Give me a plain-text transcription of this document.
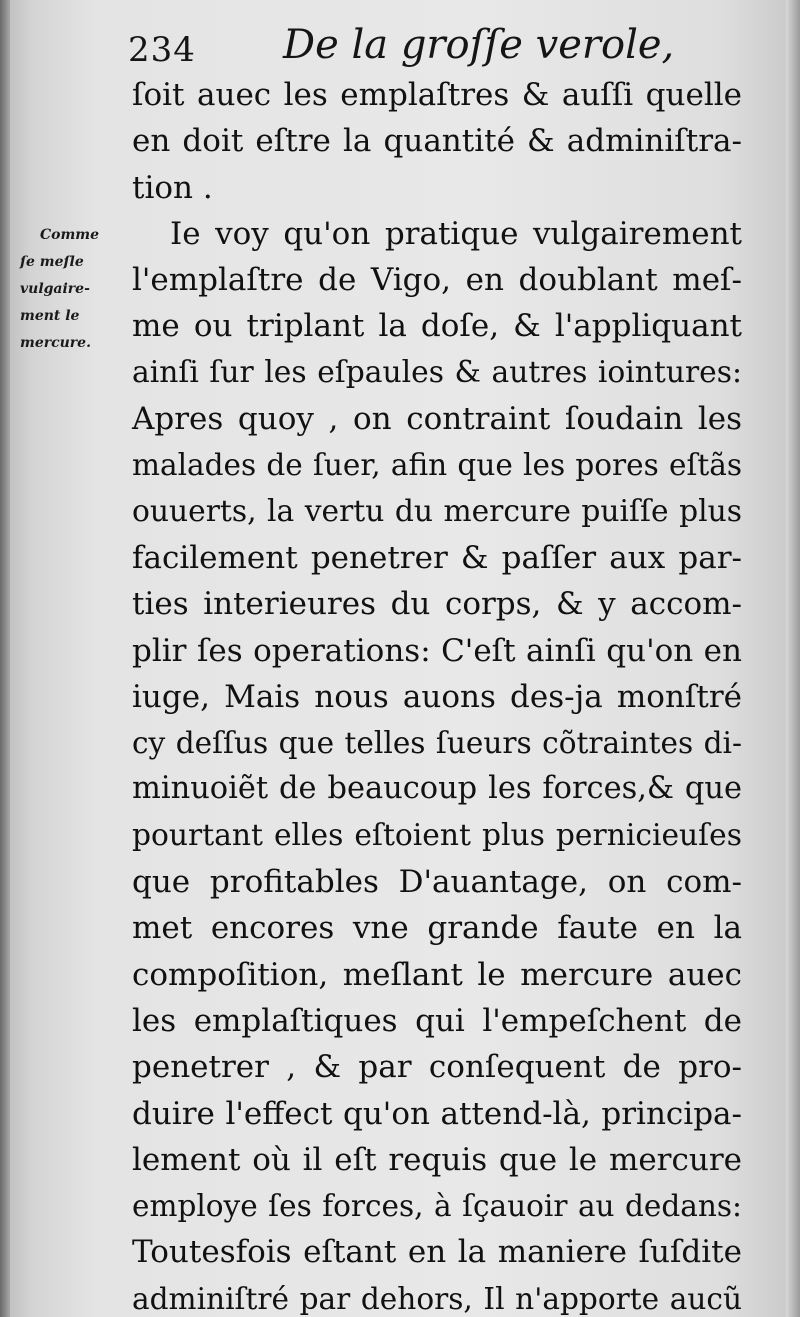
234 De la groſſe verole,
Comme
ſe meſle
vulgaire-
ment le
mercure.
ſoit auec les emplaſtres & auſſi quelle
en doit eſtre la quantité & adminiſtra-
tion .
Ie voy qu'on pratique vulgairement
l'emplaſtre de Vigo, en doublant meſ-
me ou triplant la doſe, & l'appliquant
ainſi ſur les eſpaules & autres iointures:
Apres quoy , on contraint ſoudain les
malades de ſuer, afin que les pores eſtãs
ouuerts, la vertu du mercure puiſſe plus
facilement penetrer & paſſer aux par-
ties interieures du corps, & y accom-
plir ſes operations: C'eſt ainſi qu'on en
iuge, Mais nous auons des-ja monſtré
cy deſſus que telles ſueurs cõtraintes di-
minuoiẽt de beaucoup les forces,& que
pourtant elles eſtoient plus pernicieuſes
que profitables D'auantage, on com-
met encores vne grande faute en la
compoſition, meſlant le mercure auec
les emplaſtiques qui l'empeſchent de
penetrer , & par conſequent de pro-
duire l'effect qu'on attend-là, principa-
lement où il eſt requis que le mercure
employe ſes forces, à ſçauoir au dedans:
Toutesfois eſtant en la maniere ſuſdite
adminiſtré par dehors, Il n'apporte aucũ
